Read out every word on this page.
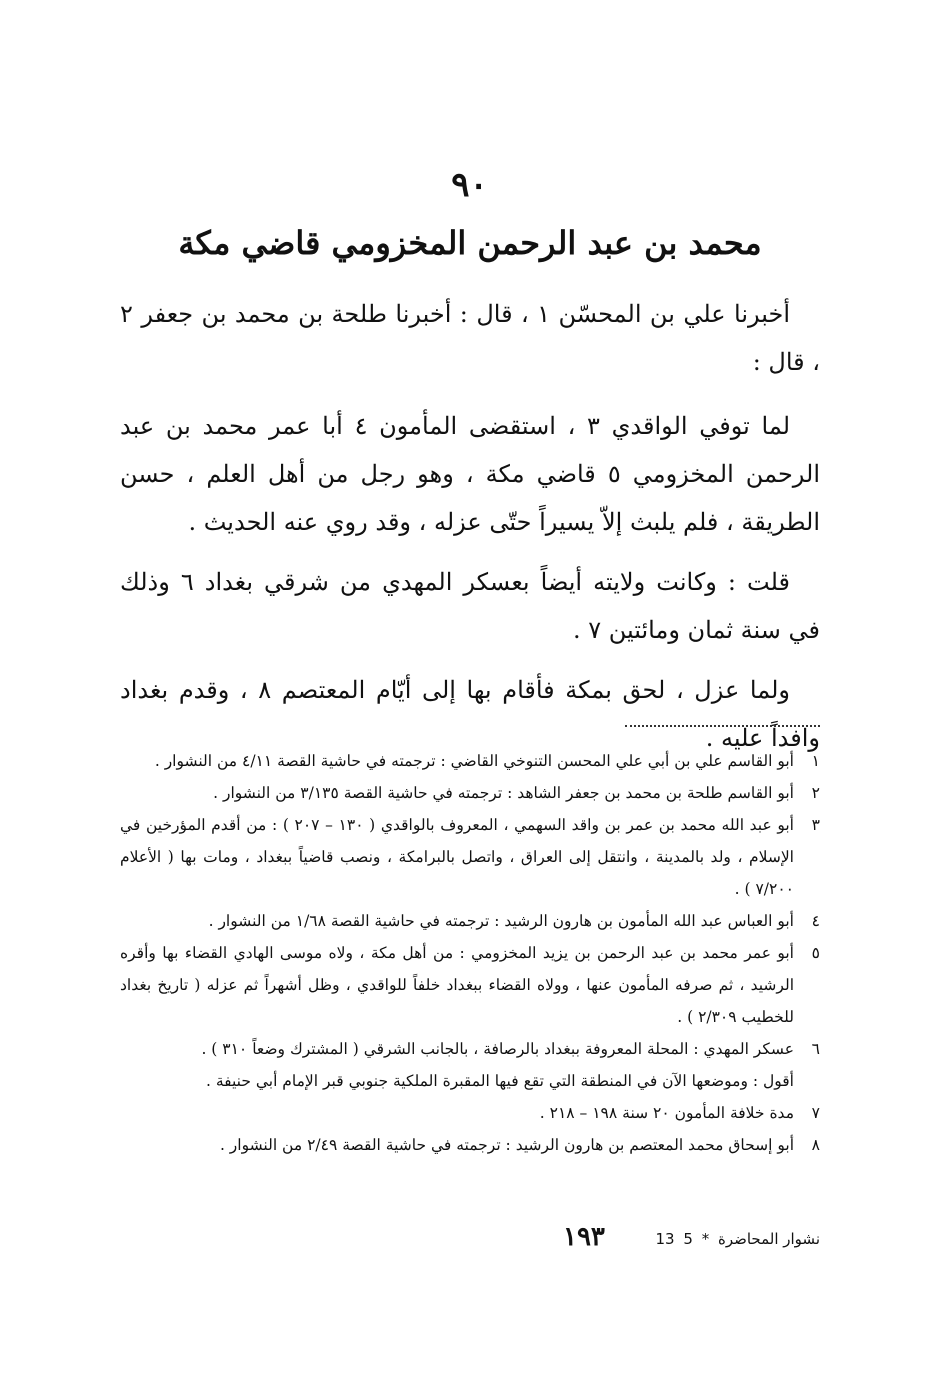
٩٠
محمد بن عبد الرحمن المخزومي قاضي مكة

أخبرنا علي بن المحسّن ١ ، قال : أخبرنا طلحة بن محمد بن جعفر ٢ ، قال :

لما توفي الواقدي ٣ ، استقضى المأمون ٤ أبا عمر محمد بن عبد الرحمن المخزومي ٥ قاضي مكة ، وهو رجل من أهل العلم ، حسن الطريقة ، فلم يلبث إلاّ يسيراً حتّى عزله ، وقد روي عنه الحديث .

قلت : وكانت ولايته أيضاً بعسكر المهدي من شرقي بغداد ٦ وذلك في سنة ثمان ومائتين ٧ .

ولما عزل ، لحق بمكة فأقام بها إلى أيّام المعتصم ٨ ، وقدم بغداد وافداً عليه .

١
أبو القاسم علي بن أبي علي المحسن التنوخي القاضي : ترجمته في حاشية القصة ٤/١١ من النشوار .
٢
أبو القاسم طلحة بن محمد بن جعفر الشاهد : ترجمته في حاشية القصة ٣/١٣٥ من النشوار .
٣
أبو عبد الله محمد بن عمر بن واقد السهمي ، المعروف بالواقدي ( ١٣٠ – ٢٠٧ ) : من أقدم المؤرخين في الإسلام ، ولد بالمدينة ، وانتقل إلى العراق ، واتصل بالبرامكة ، ونصب قاضياً ببغداد ، ومات بها ( الأعلام ٧/٢٠٠ ) .
٤
أبو العباس عبد الله المأمون بن هارون الرشيد : ترجمته في حاشية القصة ١/٦٨ من النشوار .
٥
أبو عمر محمد بن عبد الرحمن بن يزيد المخزومي : من أهل مكة ، ولاه موسى الهادي القضاء بها وأقره الرشيد ، ثم صرفه المأمون عنها ، وولاه القضاء ببغداد خلفاً للواقدي ، وظل أشهراً ثم عزله ( تاريخ بغداد للخطيب ٢/٣٠٩ ) .
٦
عسكر المهدي : المحلة المعروفة ببغداد بالرصافة ، بالجانب الشرقي ( المشترك وضعاً ٣١٠ ) .
أقول : وموضعها الآن في المنطقة التي تقع فيها المقبرة الملكية جنوبي قبر الإمام أبي حنيفة .
٧
مدة خلافة المأمون ٢٠ سنة ١٩٨ – ٢١٨ .
٨
أبو إسحاق محمد المعتصم بن هارون الرشيد : ترجمته في حاشية القصة ٢/٤٩ من النشوار .
١٩٣	13	نشوار المحاضرة * 5
